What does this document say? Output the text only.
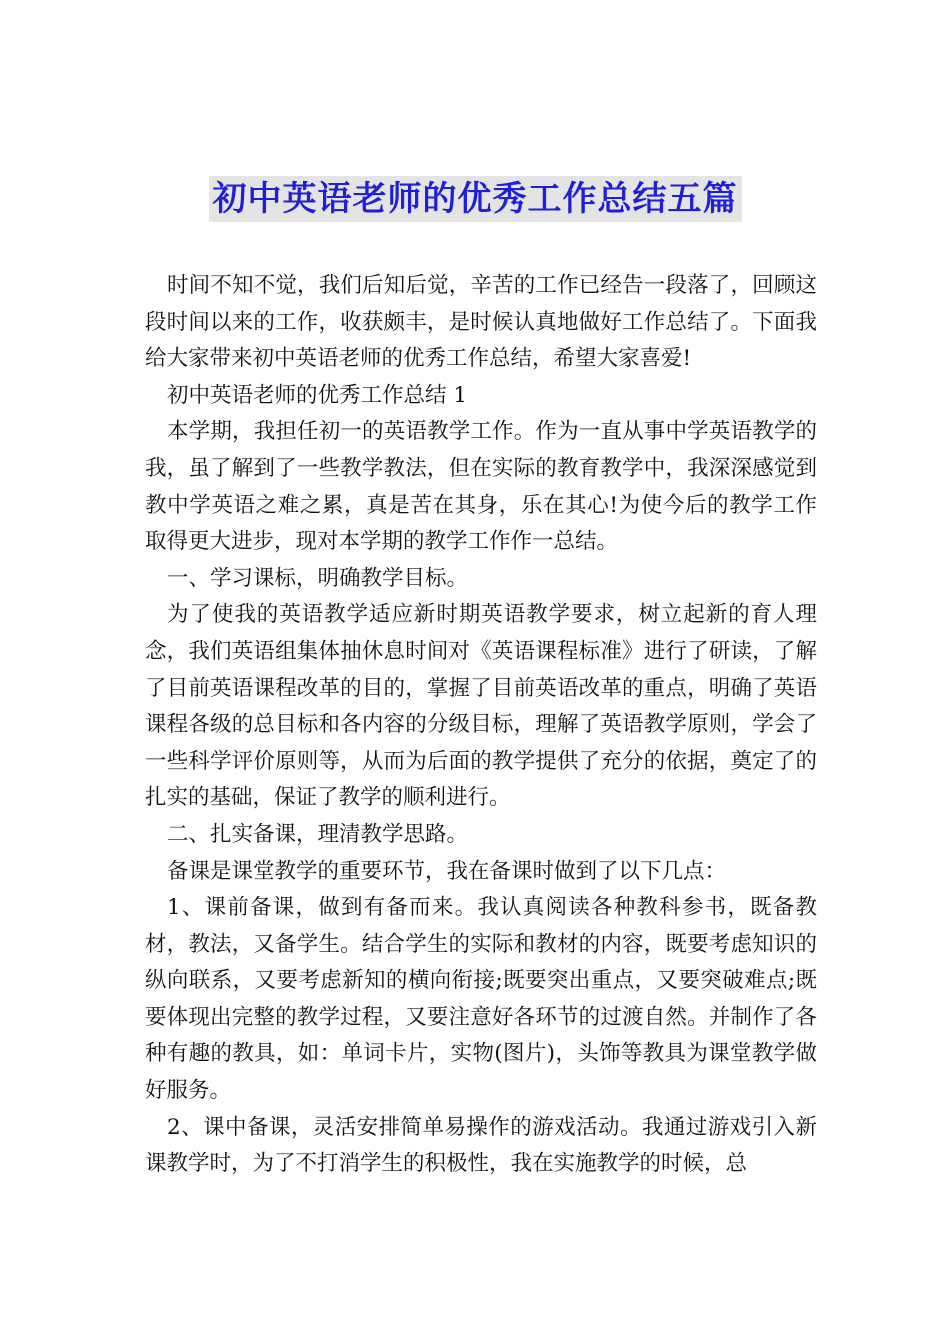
初中英语老师的优秀工作总结五篇

时间不知不觉，我们后知后觉，辛苦的工作已经告一段落了，回顾这段时间以来的工作，收获颇丰，是时候认真地做好工作总结了。下面我给大家带来初中英语老师的优秀工作总结，希望大家喜爱!

初中英语老师的优秀工作总结 1

本学期，我担任初一的英语教学工作。作为一直从事中学英语教学的我，虽了解到了一些教学教法，但在实际的教育教学中，我深深感觉到教中学英语之难之累，真是苦在其身，乐在其心!为使今后的教学工作取得更大进步，现对本学期的教学工作作一总结。

一、学习课标，明确教学目标。

为了使我的英语教学适应新时期英语教学要求，树立起新的育人理念，我们英语组集体抽休息时间对《英语课程标准》进行了研读，了解了目前英语课程改革的目的，掌握了目前英语改革的重点，明确了英语课程各级的总目标和各内容的分级目标，理解了英语教学原则，学会了一些科学评价原则等，从而为后面的教学提供了充分的依据，奠定了的扎实的基础，保证了教学的顺利进行。

二、扎实备课，理清教学思路。

备课是课堂教学的重要环节，我在备课时做到了以下几点：

1、课前备课，做到有备而来。我认真阅读各种教科参书，既备教材，教法，又备学生。结合学生的实际和教材的内容，既要考虑知识的纵向联系，又要考虑新知的横向衔接;既要突出重点，又要突破难点;既要体现出完整的教学过程，又要注意好各环节的过渡自然。并制作了各种有趣的教具，如：单词卡片，实物(图片)，头饰等教具为课堂教学做好服务。

2、课中备课，灵活安排简单易操作的游戏活动。我通过游戏引入新课教学时，为了不打消学生的积极性，我在实施教学的时候，总
